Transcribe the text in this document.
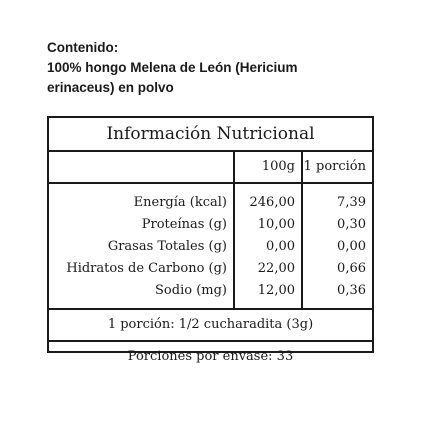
Contenido:
100% hongo Melena de León (Hericium
erinaceus) en polvo
Información Nutricional
100g 1 porción
Energía (kcal)
Proteínas (g)
Grasas Totales (g)
Hidratos de Carbono (g)
Sodio (mg)
246,00
10,00
0,00
22,00
12,00
7,39
0,30
0,00
0,66
0,36
1 porción: 1/2 cucharadita (3g)
Porciones por envase: 33
